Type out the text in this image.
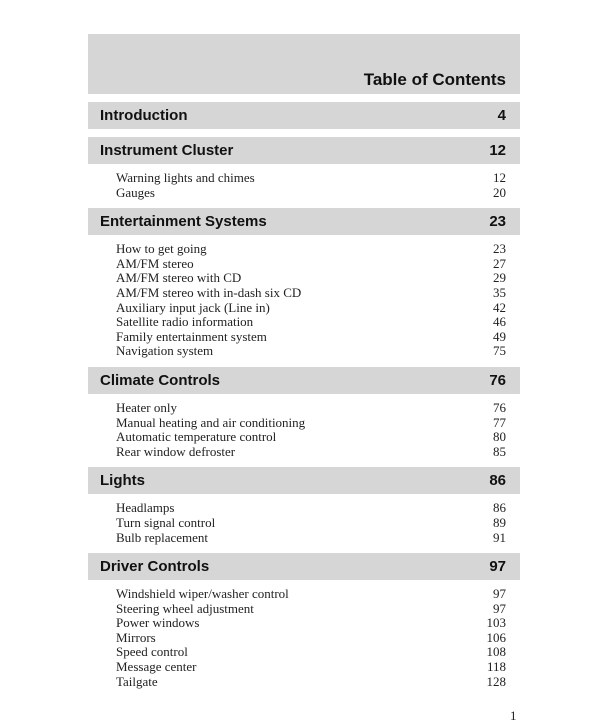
Table of Contents
Introduction	4
Instrument Cluster	12
Warning lights and chimes	12
Gauges	20
Entertainment Systems	23
How to get going	23
AM/FM stereo	27
AM/FM stereo with CD	29
AM/FM stereo with in-dash six CD	35
Auxiliary input jack (Line in)	42
Satellite radio information	46
Family entertainment system	49
Navigation system	75
Climate Controls	76
Heater only	76
Manual heating and air conditioning	77
Automatic temperature control	80
Rear window defroster	85
Lights	86
Headlamps	86
Turn signal control	89
Bulb replacement	91
Driver Controls	97
Windshield wiper/washer control	97
Steering wheel adjustment	97
Power windows	103
Mirrors	106
Speed control	108
Message center	118
Tailgate	128
1
